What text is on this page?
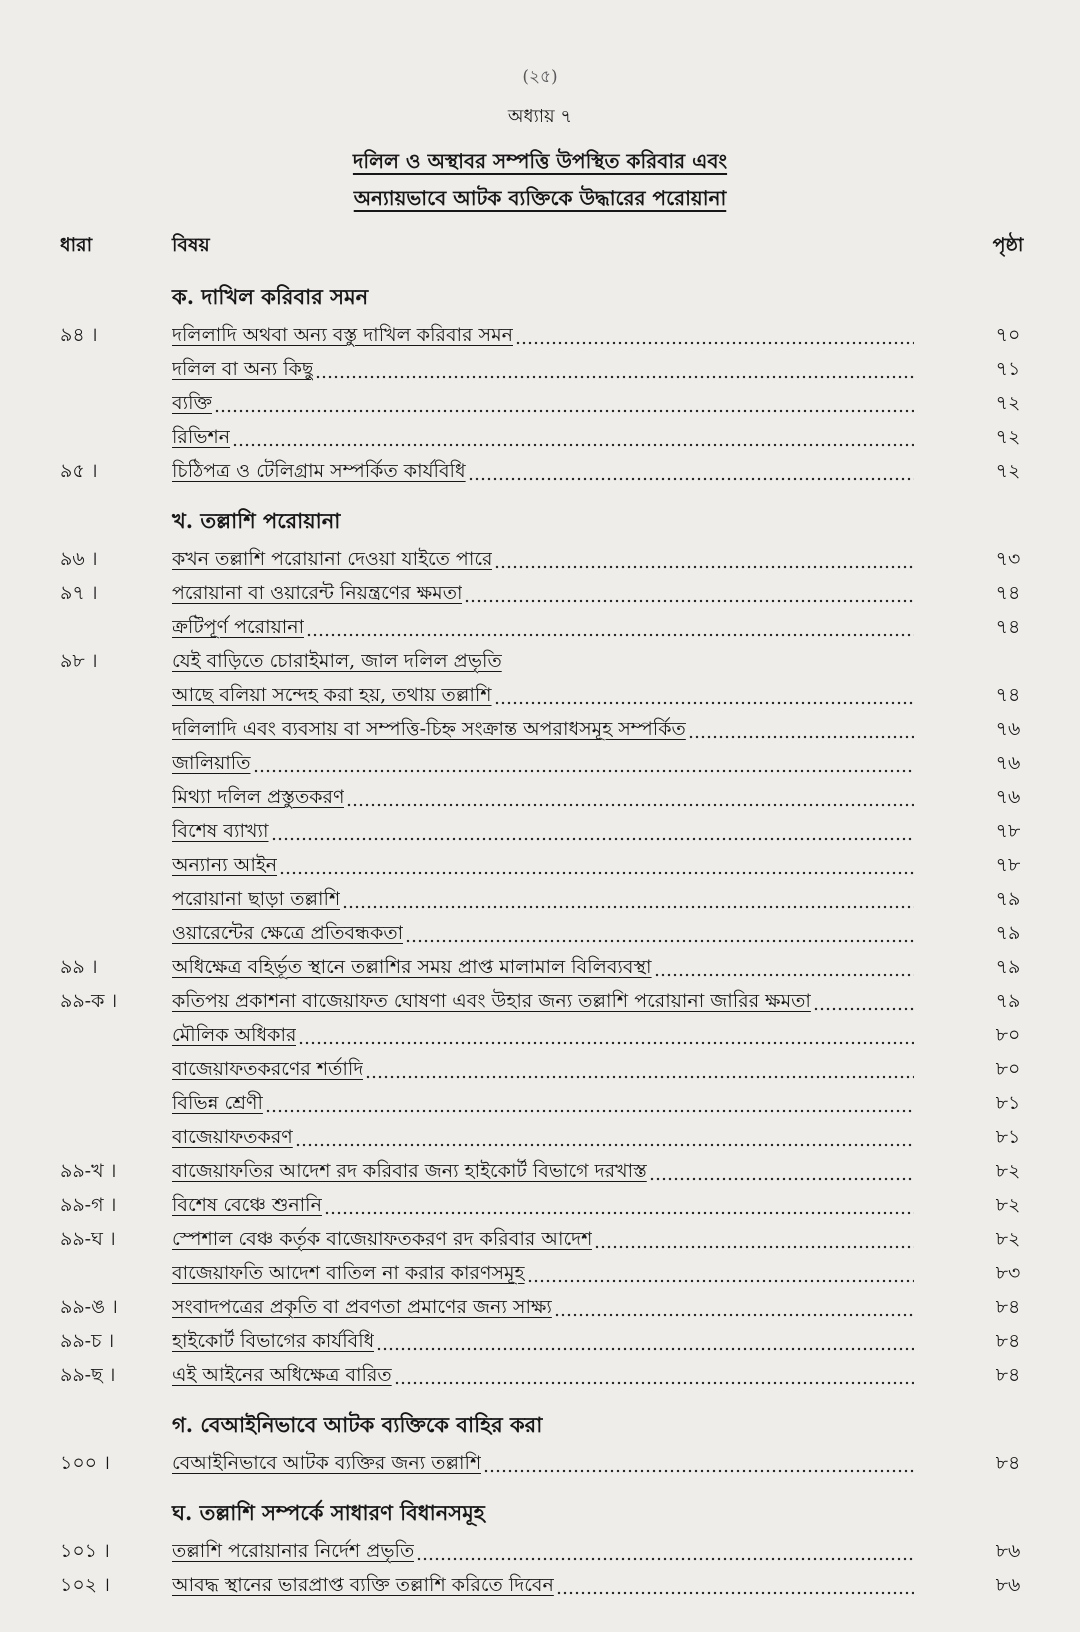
(২৫)
অধ্যায় ৭
দলিল ও অস্থাবর সম্পত্তি উপস্থিত করিবার এবং
অন্যায়ভাবে আটক ব্যক্তিকে উদ্ধারের পরোয়ানা
ধারা	বিষয়	পৃষ্ঠা
ক. দাখিল করিবার সমন
৯৪ ।	দলিলাদি অথবা অন্য বস্তু দাখিল করিবার সমন	৭০
দলিল বা অন্য কিছু	৭১
ব্যক্তি	৭২
রিভিশন	৭২
৯৫ ।	চিঠিপত্র ও টেলিগ্রাম সম্পর্কিত কার্যবিধি	৭২
খ. তল্লাশি পরোয়ানা
৯৬ ।	কখন তল্লাশি পরোয়ানা দেওয়া যাইতে পারে	৭৩
৯৭ ।	পরোয়ানা বা ওয়ারেন্ট নিয়ন্ত্রণের ক্ষমতা	৭৪
ক্রটিপূর্ণ পরোয়ানা	৭৪
৯৮ ।	যেই বাড়িতে চোরাইমাল, জাল দলিল প্রভৃতি
আছে বলিয়া সন্দেহ করা হয়, তথায় তল্লাশি	৭৪
দলিলাদি এবং ব্যবসায় বা সম্পত্তি-চিহ্ন সংক্রান্ত অপরাধসমূহ সম্পর্কিত	৭৬
জালিয়াতি	৭৬
মিথ্যা দলিল প্রস্তুতকরণ	৭৬
বিশেষ ব্যাখ্যা	৭৮
অন্যান্য আইন	৭৮
পরোয়ানা ছাড়া তল্লাশি	৭৯
ওয়ারেন্টের ক্ষেত্রে প্রতিবন্ধকতা	৭৯
৯৯ ।	অধিক্ষেত্র বহির্ভূত স্থানে তল্লাশির সময় প্রাপ্ত মালামাল বিলিব্যবস্থা	৭৯
৯৯-ক ।	কতিপয় প্রকাশনা বাজেয়াফত ঘোষণা এবং উহার জন্য তল্লাশি পরোয়ানা জারির ক্ষমতা	৭৯
মৌলিক অধিকার	৮০
বাজেয়াফতকরণের শর্তাদি	৮০
বিভিন্ন শ্রেণী	৮১
বাজেয়াফতকরণ	৮১
৯৯-খ ।	বাজেয়াফতির আদেশ রদ করিবার জন্য হাইকোর্ট বিভাগে দরখাস্ত	৮২
৯৯-গ ।	বিশেষ বেঞ্চে শুনানি	৮২
৯৯-ঘ ।	স্পেশাল বেঞ্চ কর্তৃক বাজেয়াফতকরণ রদ করিবার আদেশ	৮২
বাজেয়াফতি আদেশ বাতিল না করার কারণসমূহ	৮৩
৯৯-ঙ ।	সংবাদপত্রের প্রকৃতি বা প্রবণতা প্রমাণের জন্য সাক্ষ্য	৮৪
৯৯-চ ।	হাইকোর্ট বিভাগের কার্যবিধি	৮৪
৯৯-ছ ।	এই আইনের অধিক্ষেত্র বারিত	৮৪
গ. বেআইনিভাবে আটক ব্যক্তিকে বাহির করা
১০০ ।	বেআইনিভাবে আটক ব্যক্তির জন্য তল্লাশি	৮৪
ঘ. তল্লাশি সম্পর্কে সাধারণ বিধানসমূহ
১০১ ।	তল্লাশি পরোয়ানার নির্দেশ প্রভৃতি	৮৬
১০২ ।	আবদ্ধ স্থানের ভারপ্রাপ্ত ব্যক্তি তল্লাশি করিতে দিবেন	৮৬
